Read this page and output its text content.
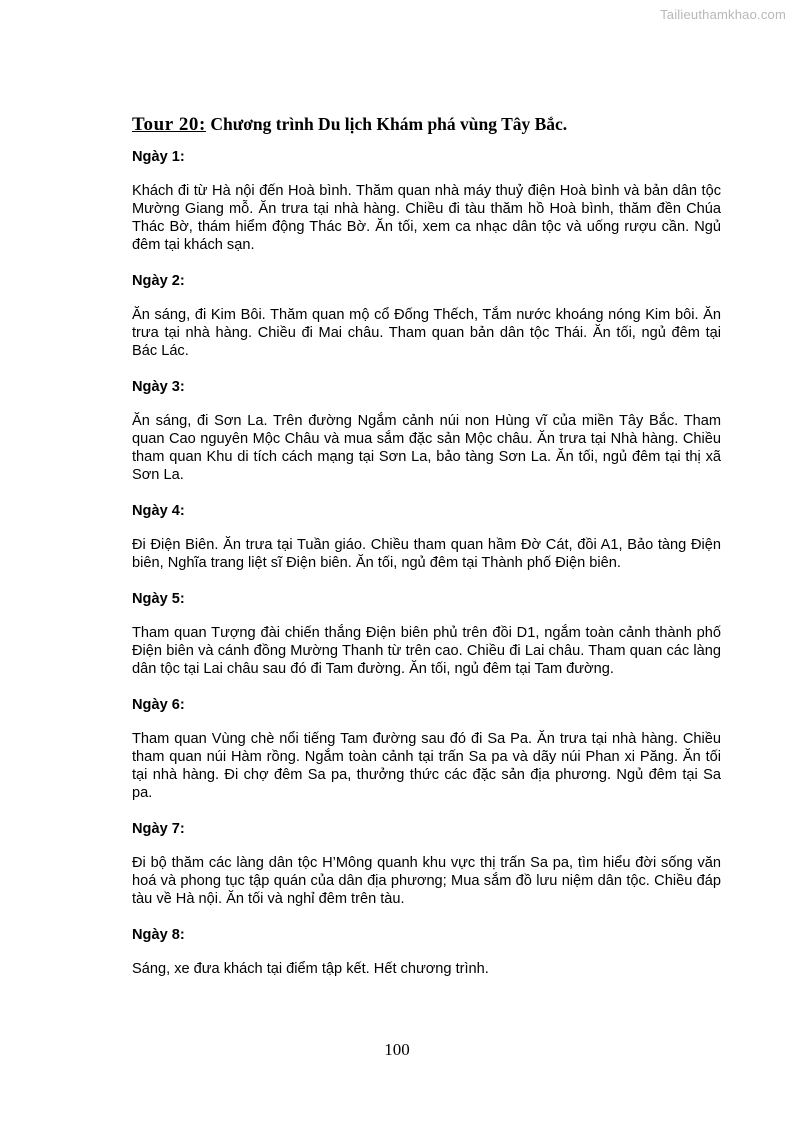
Tailieuthamkhao.com
Tour 20: Chương trình Du lịch Khám phá vùng Tây Bắc.
Ngày 1:

Khách đi từ Hà nội đến Hoà bình. Thăm quan nhà máy thuỷ điện Hoà bình và bản dân tộc Mường Giang mỗ. Ăn trưa tại nhà hàng. Chiều đi tàu thăm hồ Hoà bình, thăm đền Chúa Thác Bờ, thám hiểm động Thác Bờ. Ăn tối, xem ca nhạc dân tộc và uống rượu cần. Ngủ đêm tại khách sạn.

Ngày 2:

Ăn sáng, đi Kim Bôi. Thăm quan mộ cổ Đống Thếch, Tắm nước khoáng nóng Kim bôi. Ăn trưa tại nhà hàng. Chiều đi Mai châu. Tham quan bản dân tộc Thái. Ăn tối, ngủ đêm tại Bác Lác.

Ngày 3:

Ăn sáng, đi Sơn La. Trên đường Ngắm cảnh núi non Hùng vĩ của miền Tây Bắc. Tham quan Cao nguyên Mộc Châu và mua sắm đặc sản Mộc châu. Ăn trưa tại Nhà hàng. Chiều tham quan Khu di tích cách mạng tại Sơn La, bảo tàng Sơn La. Ăn tối, ngủ đêm tại thị xã Sơn La.

Ngày 4:

Đi Điện Biên. Ăn trưa tại Tuần giáo. Chiều tham quan hầm Đờ Cát, đồi A1, Bảo tàng Điện biên, Nghĩa trang liệt sĩ Điện biên. Ăn tối, ngủ đêm tại Thành phố Điện biên.

Ngày 5:

Tham quan Tượng đài chiến thắng Điện biên phủ trên đồi D1, ngắm toàn cảnh thành phố Điện biên và cánh đồng Mường Thanh từ trên cao. Chiều đi Lai châu. Tham quan các làng dân tộc tại Lai châu sau đó đi Tam đường. Ăn tối, ngủ đêm tại Tam đường.

Ngày 6:

Tham quan Vùng chè nổi tiếng Tam đường sau đó đi Sa Pa. Ăn trưa tại nhà hàng. Chiều tham quan núi Hàm rồng. Ngắm toàn cảnh tại trấn Sa pa và dãy núi Phan xi Păng. Ăn tối tại nhà hàng. Đi chợ đêm Sa pa, thưởng thức các đặc sản địa phương. Ngủ đêm tại Sa pa.

Ngày 7:

Đi bộ thăm các làng dân tộc H’Mông quanh khu vực thị trấn Sa pa, tìm hiểu đời sống văn hoá và phong tục tập quán của dân địa phương; Mua sắm đồ lưu niệm dân tộc. Chiều đáp tàu về Hà nội. Ăn tối và nghỉ đêm trên tàu.

Ngày 8:

Sáng, xe đưa khách tại điểm tập kết. Hết chương trình.

100
